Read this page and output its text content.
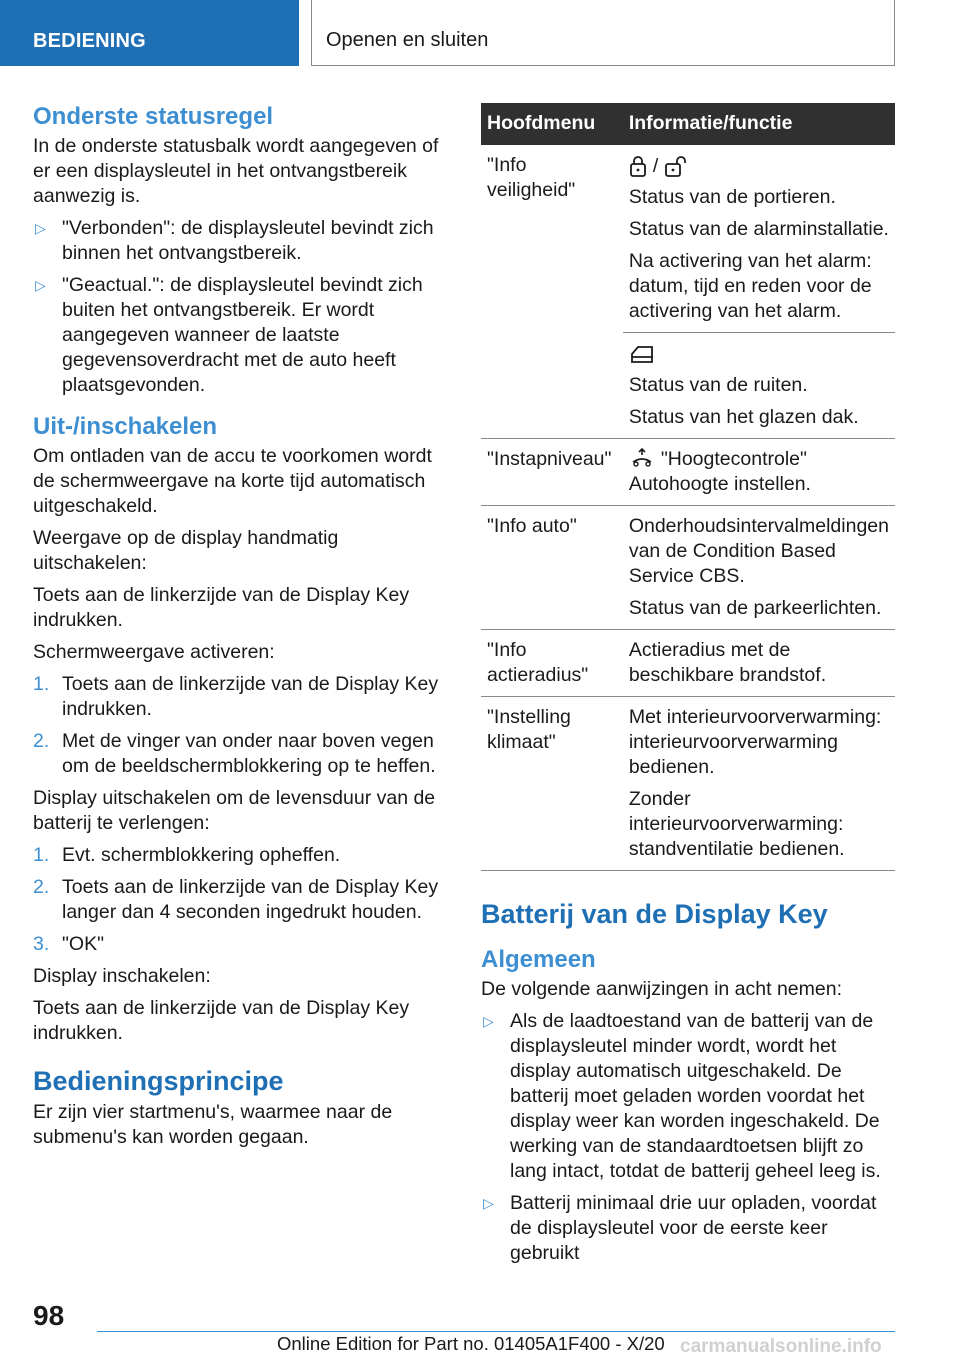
BEDIENING	Openen en sluiten
Onderste statusregel

In de onderste statusbalk wordt aangegeven of er een displaysleutel in het ontvangstbereik aanwezig is.

▷ "Verbonden": de displaysleutel bevindt zich binnen het ontvangstbereik.
▷ "Geactual.": de displaysleutel bevindt zich buiten het ontvangstbereik. Er wordt aangegeven wanneer de laatste gegevensoverdracht met de auto heeft plaatsgevonden.
Uit-/inschakelen

Om ontladen van de accu te voorkomen wordt de schermweergave na korte tijd automatisch uitgeschakeld.

Weergave op de display handmatig uitschakelen:

Toets aan de linkerzijde van de Display Key indrukken.

Schermweergave activeren:

1. Toets aan de linkerzijde van de Display Key indrukken.
2. Met de vinger van onder naar boven vegen om de beeldschermblokkering op te heffen.

Display uitschakelen om de levensduur van de batterij te verlengen:

1. Evt. schermblokkering opheffen.
2. Toets aan de linkerzijde van de Display Key langer dan 4 seconden ingedrukt houden.
3. "OK"

Display inschakelen:

Toets aan de linkerzijde van de Display Key indrukken.

Bedieningsprincipe

Er zijn vier startmenu's, waarmee naar de submenu's kan worden gegaan.

Hoofdmenu	Informatie/functie
"Info veiligheid"	/

Status van de portieren.

Status van de alarminstallatie.

Na activering van het alarm: datum, tijd en reden voor de activering van het alarm.

	Status van de ruiten.

Status van het glazen dak.

"Instapniveau"	"Hoogtecontrole" Autohoogte instellen.

"Info auto"	Onderhoudsintervalmeldingen van de Condition Based Service CBS.

Status van de parkeerlichten.

"Info actieradius"	Actieradius met de beschikbare brandstof.

"Instelling klimaat"	Met interieurvoorverwarming: interieurvoorverwarming bedienen.

Zonder interieurvoorverwarming: standventilatie bedienen.

Batterij van de Display Key
Algemeen

De volgende aanwijzingen in acht nemen:

▷ Als de laadtoestand van de batterij van de displaysleutel minder wordt, wordt het display automatisch uitgeschakeld. De batterij moet geladen worden voordat het display weer kan worden ingeschakeld. De werking van de standaardtoetsen blijft zo lang intact, totdat de batterij geheel leeg is.
▷ Batterij minimaal drie uur opladen, voordat de displaysleutel voor de eerste keer gebruikt
98
Online Edition for Part no. 01405A1F400 - X/20 carmanualsonline.info
